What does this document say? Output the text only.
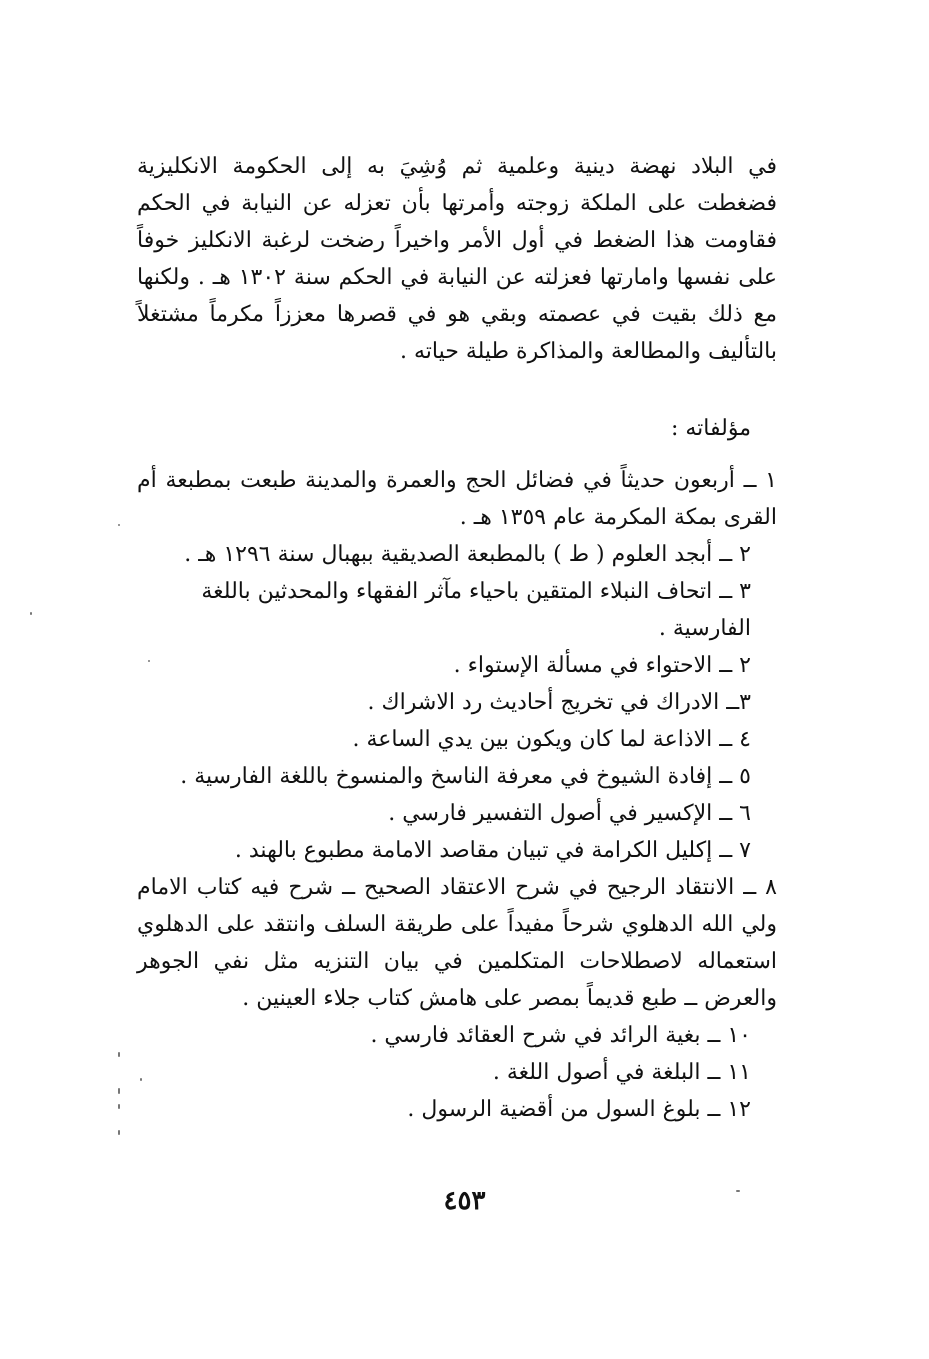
في البلاد نهضة دينية وعلمية ثم وُشِيَ به إلى الحكومة الانكليزية فضغطت على الملكة زوجته وأمرتها بأن تعزله عن النيابة في الحكم فقاومت هذا الضغط في أول الأمر واخيراً رضخت لرغبة الانكليز خوفاً على نفسها وامارتها فعزلته عن النيابة في الحكم سنة ١٣٠٢ هـ . ولكنها مع ذلك بقيت في عصمته وبقي هو في قصرها معززاً مكرماً مشتغلاً بالتأليف والمطالعة والمذاكرة طيلة حياته .

مؤلفاته :

١ ــ أربعون حديثاً في فضائل الحج والعمرة والمدينة طبعت بمطبعة أم القرى بمكة المكرمة عام ١٣٥٩ هـ .
٢ ــ أبجد العلوم ( ط ) بالمطبعة الصديقية ببهبال سنة ١٢٩٦ هـ .
٣ ــ اتحاف النبلاء المتقين باحياء مآثر الفقهاء والمحدثين باللغة الفارسية .
٢ ــ الاحتواء في مسألة الإستواء .
٣ــ الادراك في تخريج أحاديث رد الاشراك .
٤ ــ الاذاعة لما كان ويكون بين يدي الساعة .
٥ ــ إفادة الشيوخ في معرفة الناسخ والمنسوخ باللغة الفارسية .
٦ ــ الإكسير في أصول التفسير فارسي .
٧ ــ إكليل الكرامة في تبيان مقاصد الامامة مطبوع بالهند .
٨ ــ الانتقاد الرجيح في شرح الاعتقاد الصحيح ــ شرح فيه كتاب الامام ولي الله الدهلوي شرحاً مفيداً على طريقة السلف وانتقد على الدهلوي استعماله لاصطلاحات المتكلمين في بيان التنزيه مثل نفي الجوهر والعرض ــ طبع قديماً بمصر على هامش كتاب جلاء العينين .
١٠ ــ بغية الرائد في شرح العقائد فارسي .
١١ ــ البلغة في أصول اللغة .
١٢ ــ بلوغ السول من أقضية الرسول .
٤٥٣
